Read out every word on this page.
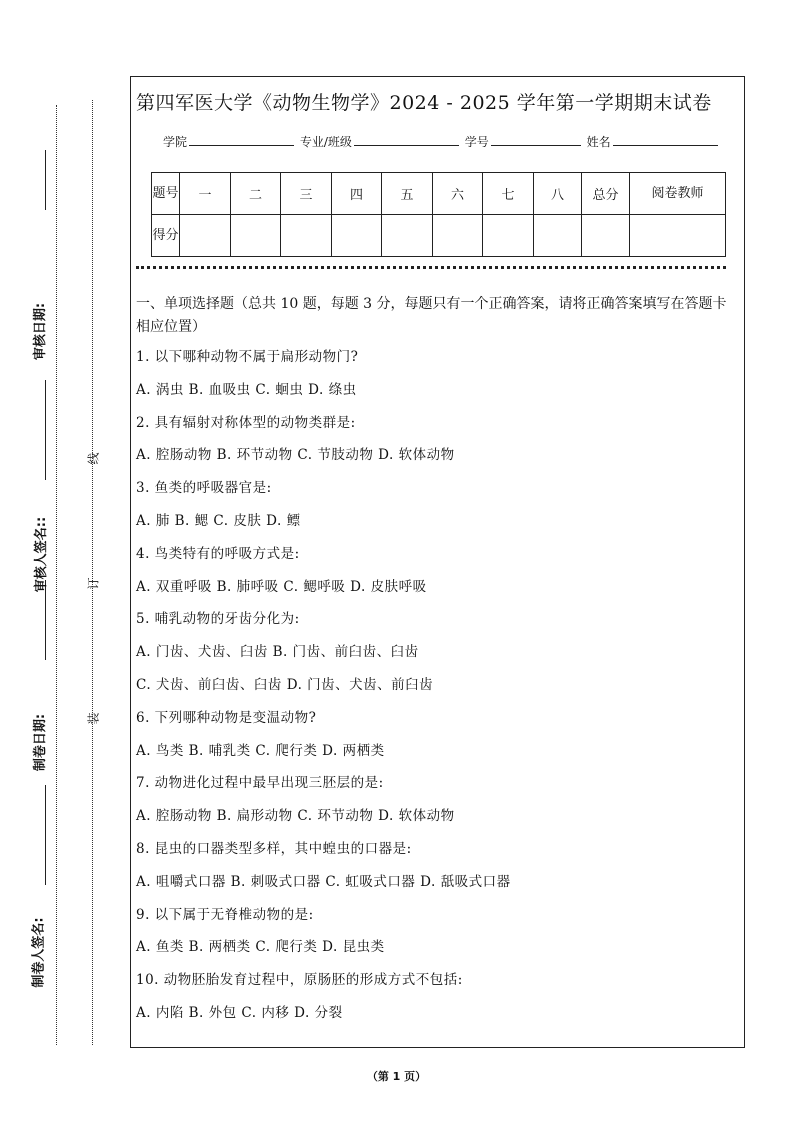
审核日期:
审核人签名::
制卷日期:
制卷人签名:
线
订
装
第四军医大学《动物生物学》2024 - 2025 学年第一学期期末试卷
学院	专业/班级	学号	姓名
题号	一	二	三	四	五	六	七	八	总分	阅卷教师
得分										
一、单项选择题（总共 10 题，每题 3 分，每题只有一个正确答案，请将正确答案填写在答题卡相应位置）
1. 以下哪种动物不属于扁形动物门?
A. 涡虫 B. 血吸虫 C. 蛔虫 D. 绦虫
2. 具有辐射对称体型的动物类群是:
A. 腔肠动物 B. 环节动物 C. 节肢动物 D. 软体动物
3. 鱼类的呼吸器官是:
A. 肺 B. 鳃 C. 皮肤 D. 鳔
4. 鸟类特有的呼吸方式是:
A. 双重呼吸 B. 肺呼吸 C. 鳃呼吸 D. 皮肤呼吸
5. 哺乳动物的牙齿分化为:
A. 门齿、犬齿、臼齿 B. 门齿、前臼齿、臼齿
C. 犬齿、前臼齿、臼齿 D. 门齿、犬齿、前臼齿
6. 下列哪种动物是变温动物?
A. 鸟类 B. 哺乳类 C. 爬行类 D. 两栖类
7. 动物进化过程中最早出现三胚层的是:
A. 腔肠动物 B. 扁形动物 C. 环节动物 D. 软体动物
8. 昆虫的口器类型多样，其中蝗虫的口器是:
A. 咀嚼式口器 B. 刺吸式口器 C. 虹吸式口器 D. 舐吸式口器
9. 以下属于无脊椎动物的是:
A. 鱼类 B. 两栖类 C. 爬行类 D. 昆虫类
10. 动物胚胎发育过程中，原肠胚的形成方式不包括:
A. 内陷 B. 外包 C. 内移 D. 分裂
（第 1 页）
